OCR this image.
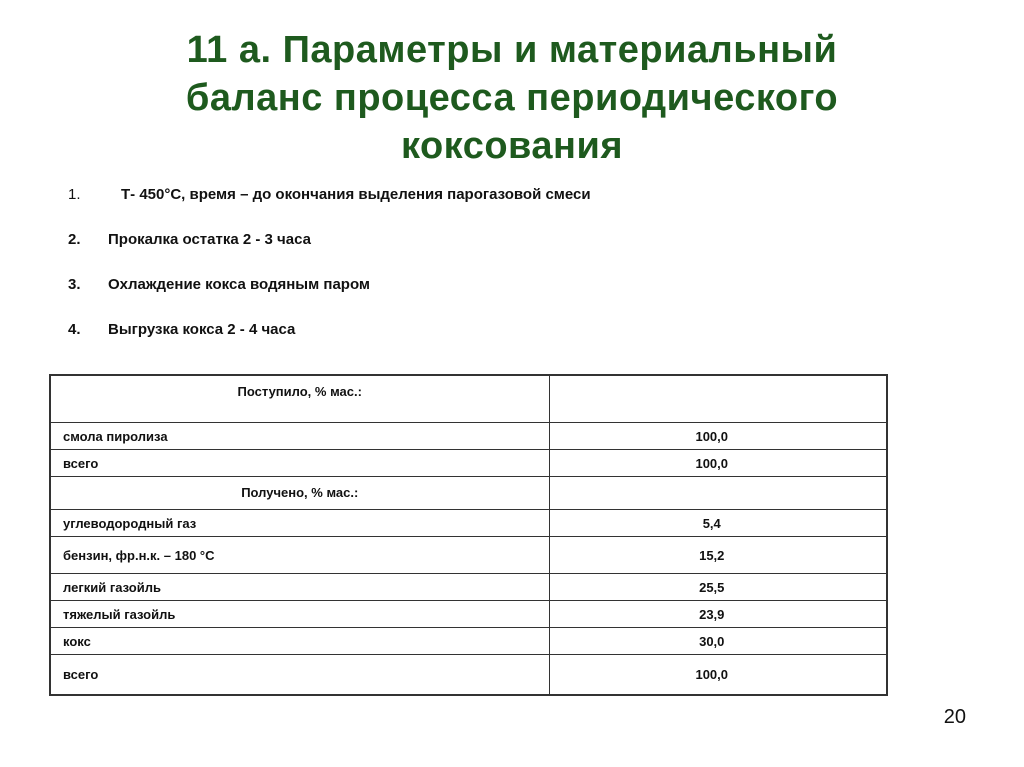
11 а. Параметры и материальный
баланс процесса периодического
коксования
1.	Т- 450°С, время – до окончания выделения парогазовой смеси
2. Прокалка остатка 2 - 3 часа
3. Охлаждение кокса водяным паром
4. Выгрузка кокса 2 - 4 часа
Поступило, % мас.:	
смола пиролиза	100,0
всего	100,0
Получено, % мас.:	
углеводородный газ	5,4
бензин, фр.н.к. – 180 °С	15,2
легкий газойль	25,5
тяжелый газойль	23,9
кокс	30,0
всего	100,0
20
